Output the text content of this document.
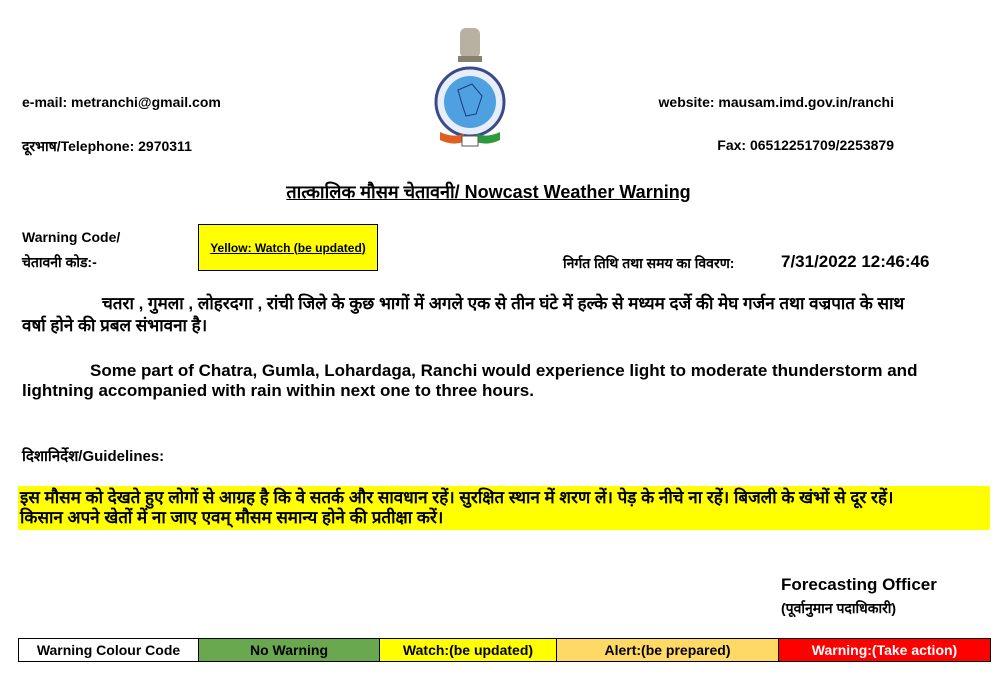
e-mail: metranchi@gmail.com
दूरभाष/Telephone: 2970311
website: mausam.imd.gov.in/ranchi
Fax: 06512251709/2253879
तात्कालिक मौसम चेतावनी/ Nowcast Weather Warning
Warning Code/
चेतावनी कोड:-
Yellow: Watch (be updated)
निर्गत तिथि तथा समय का विवरण:	7/31/2022 12:46:46
चतरा , गुमला , लोहरदगा , रांची जिले के कुछ भागों में अगले एक से तीन घंटे में हल्के से मध्यम दर्जे की मेघ गर्जन तथा वज्रपात के साथ
वर्षा होने की प्रबल संभावना है।
Some part of Chatra, Gumla, Lohardaga, Ranchi would experience light to moderate thunderstorm and
lightning accompanied with rain within next one to three hours.
दिशानिर्देश/Guidelines:
इस मौसम को देखते हुए लोगों से आग्रह है कि वे सतर्क और सावधान रहें। सुरक्षित स्थान में शरण लें। पेड़ के नीचे ना रहें। बिजली के खंभों से दूर रहें।
किसान अपने खेतों में ना जाए एवम् मौसम समान्य होने की प्रतीक्षा करें।
Forecasting Officer
(पूर्वानुमान पदाधिकारी)
Warning Colour Code	No Warning	Watch:(be updated)	Alert:(be prepared)	Warning:(Take action)
